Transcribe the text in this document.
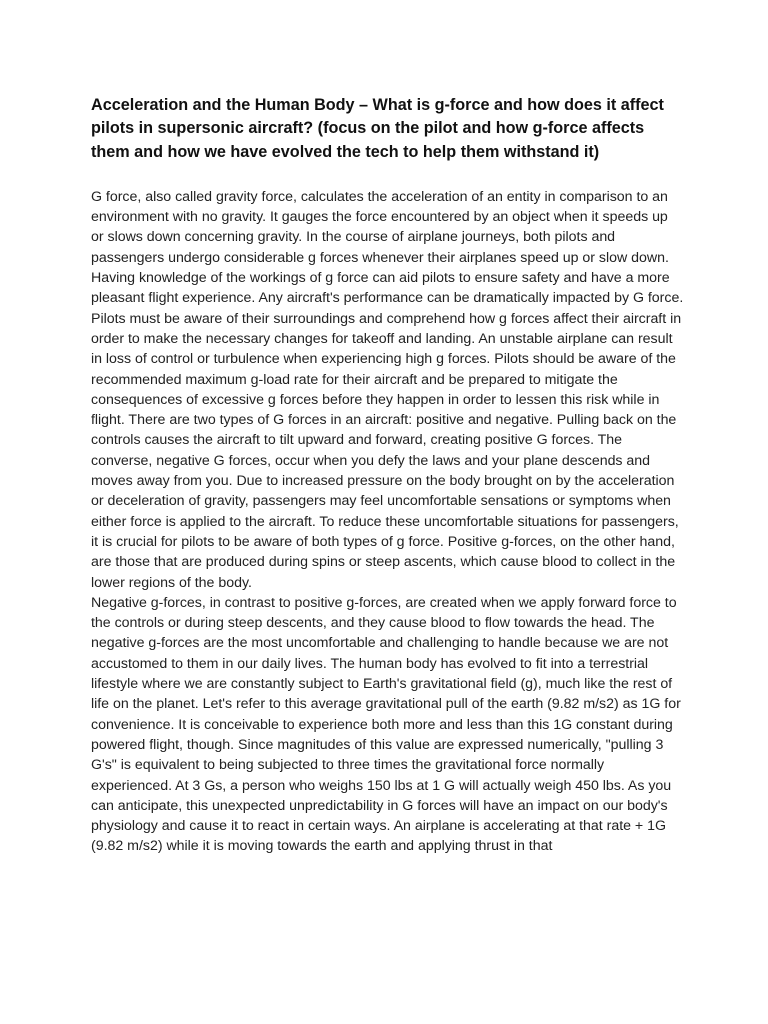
Acceleration and the Human Body – What is g-force and how does it affect pilots in supersonic aircraft? (focus on the pilot and how g-force affects them and how we have evolved the tech to help them withstand it)

G force, also called gravity force, calculates the acceleration of an entity in comparison to an environment with no gravity. It gauges the force encountered by an object when it speeds up or slows down concerning gravity. In the course of airplane journeys, both pilots and passengers undergo considerable g forces whenever their airplanes speed up or slow down. Having knowledge of the workings of g force can aid pilots to ensure safety and have a more pleasant flight experience. Any aircraft's performance can be dramatically impacted by G force. Pilots must be aware of their surroundings and comprehend how g forces affect their aircraft in order to make the necessary changes for takeoff and landing. An unstable airplane can result in loss of control or turbulence when experiencing high g forces. Pilots should be aware of the recommended maximum g-load rate for their aircraft and be prepared to mitigate the consequences of excessive g forces before they happen in order to lessen this risk while in flight. There are two types of G forces in an aircraft: positive and negative. Pulling back on the controls causes the aircraft to tilt upward and forward, creating positive G forces. The converse, negative G forces, occur when you defy the laws and your plane descends and moves away from you. Due to increased pressure on the body brought on by the acceleration or deceleration of gravity, passengers may feel uncomfortable sensations or symptoms when either force is applied to the aircraft. To reduce these uncomfortable situations for passengers, it is crucial for pilots to be aware of both types of g force. Positive g-forces, on the other hand, are those that are produced during spins or steep ascents, which cause blood to collect in the lower regions of the body.

Negative g-forces, in contrast to positive g-forces, are created when we apply forward force to the controls or during steep descents, and they cause blood to flow towards the head. The negative g-forces are the most uncomfortable and challenging to handle because we are not accustomed to them in our daily lives. The human body has evolved to fit into a terrestrial lifestyle where we are constantly subject to Earth's gravitational field (g), much like the rest of life on the planet. Let's refer to this average gravitational pull of the earth (9.82 m/s2) as 1G for convenience. It is conceivable to experience both more and less than this 1G constant during powered flight, though. Since magnitudes of this value are expressed numerically, "pulling 3 G's" is equivalent to being subjected to three times the gravitational force normally experienced. At 3 Gs, a person who weighs 150 lbs at 1 G will actually weigh 450 lbs. As you can anticipate, this unexpected unpredictability in G forces will have an impact on our body's physiology and cause it to react in certain ways. An airplane is accelerating at that rate + 1G (9.82 m/s2) while it is moving towards the earth and applying thrust in that
